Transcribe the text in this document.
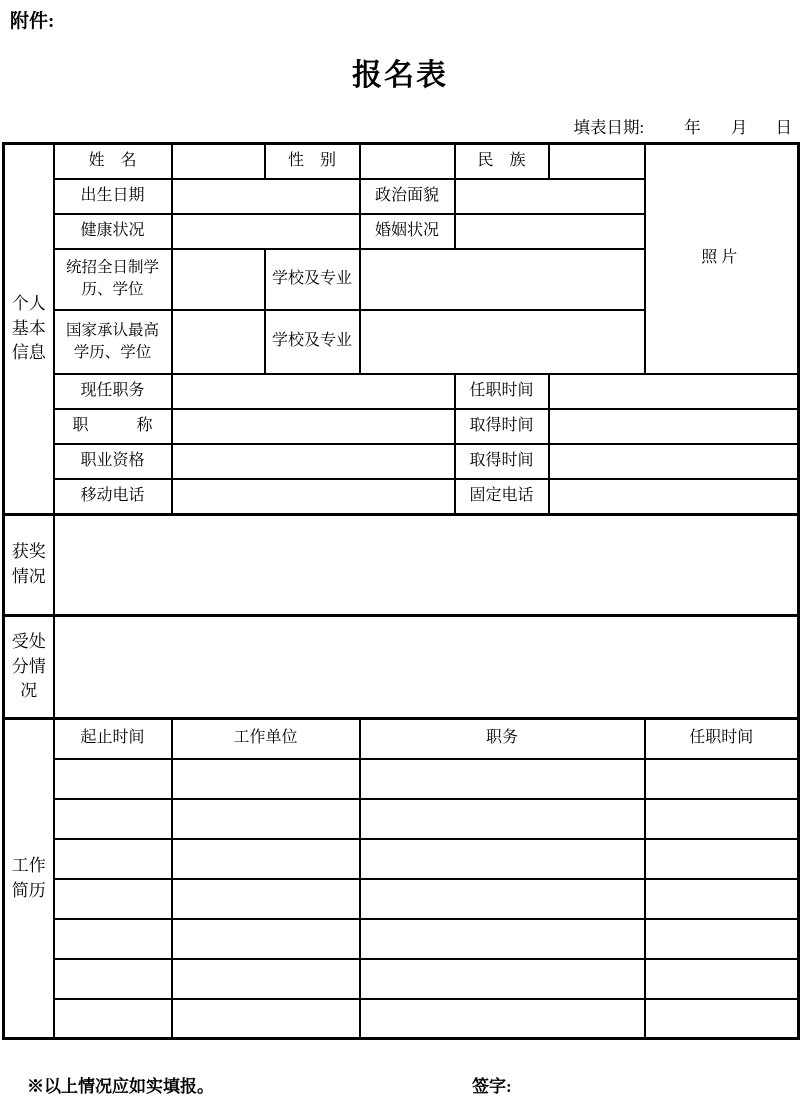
附件:
报名表
填表日期: 年 月 日
个人基本信息	姓　名		性　别		民　族		照片
	出生日期			政治面貌			
	健康状况			婚姻状况			
	统招全日制学历、学位		学校及专业				
	国家承认最高学历、学位		学校及专业				
	现任职务				任职时间		
	职　　　称				取得时间		
	职业资格				取得时间		
	移动电话				固定电话		
获奖情况							
受处分情况							
工作简历	起止时间	工作单位		职务			任职时间

※以上情况应如实填报。	签字:
